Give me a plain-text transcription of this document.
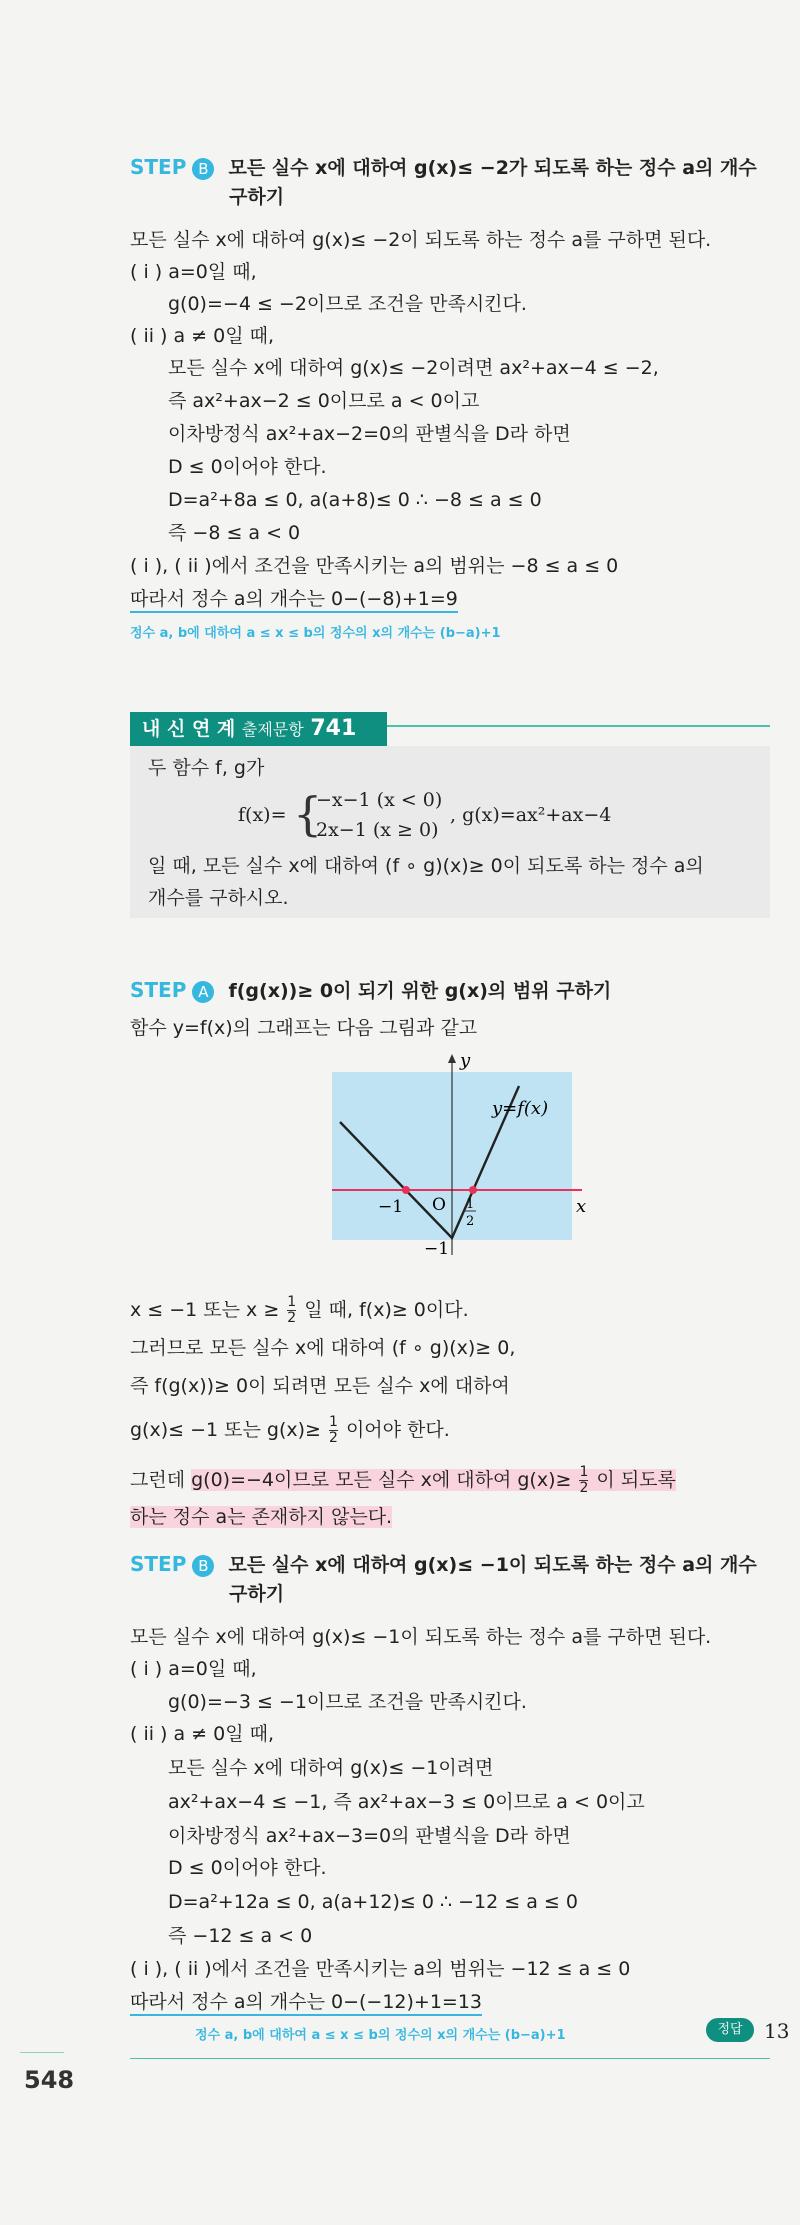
STEP B 모든 실수 x에 대하여 g(x)≤ −2가 되도록 하는 정수 a의 개수
구하기
모든 실수 x에 대하여 g(x)≤ −2이 되도록 하는 정수 a를 구하면 된다.
( i ) a=0일 때,
g(0)=−4 ≤ −2이므로 조건을 만족시킨다.
( ii ) a ≠ 0일 때,
모든 실수 x에 대하여 g(x)≤ −2이려면 ax²+ax−4 ≤ −2,
즉 ax²+ax−2 ≤ 0이므로 a < 0이고
이차방정식 ax²+ax−2=0의 판별식을 D라 하면
D ≤ 0이어야 한다.
D=a²+8a ≤ 0, a(a+8)≤ 0 ∴ −8 ≤ a ≤ 0
즉 −8 ≤ a < 0
( i ), ( ii )에서 조건을 만족시키는 a의 범위는 −8 ≤ a ≤ 0
따라서 정수 a의 개수는 0−(−8)+1=9
정수 a, b에 대하여 a ≤ x ≤ b의 정수의 x의 개수는 (b−a)+1
내 신 연 계 출제문항 741
두 함수 f, g가
f(x)= {
−x−1 (x < 0)
2x−1 (x ≥ 0)
, g(x)=ax²+ax−4
일 때, 모든 실수 x에 대하여 (f ∘ g)(x)≥ 0이 되도록 하는 정수 a의
개수를 구하시오.
STEP A f(g(x))≥ 0이 되기 위한 g(x)의 범위 구하기
함수 y=f(x)의 그래프는 다음 그림과 같고
y
x
y=f(x)
O
−1	1
2
−1
x ≤ −1 또는 $x \ge \frac{1}{2}$ 일 때, f(x)≥ 0이다.
그러므로 모든 실수 x에 대하여 (f ∘ g)(x)≥ 0,
즉 f(g(x))≥ 0이 되려면 모든 실수 x에 대하여
g(x)≤ −1 또는 $g(x)\ge \frac{1}{2}$ 이어야 한다.
그런데 g(0)=−4이므로 모든 실수 x에 대하여 $g(x)\ge \frac{1}{2}$ 이 되도록
하는 정수 a는 존재하지 않는다.
STEP B 모든 실수 x에 대하여 g(x)≤ −1이 되도록 하는 정수 a의 개수
구하기
모든 실수 x에 대하여 g(x)≤ −1이 되도록 하는 정수 a를 구하면 된다.
( i ) a=0일 때,
g(0)=−3 ≤ −1이므로 조건을 만족시킨다.
( ii ) a ≠ 0일 때,
모든 실수 x에 대하여 g(x)≤ −1이려면
ax²+ax−4 ≤ −1, 즉 ax²+ax−3 ≤ 0이므로 a < 0이고
이차방정식 ax²+ax−3=0의 판별식을 D라 하면
D ≤ 0이어야 한다.
D=a²+12a ≤ 0, a(a+12)≤ 0 ∴ −12 ≤ a ≤ 0
즉 −12 ≤ a < 0
( i ), ( ii )에서 조건을 만족시키는 a의 범위는 −12 ≤ a ≤ 0
따라서 정수 a의 개수는 0−(−12)+1=13
정수 a, b에 대하여 a ≤ x ≤ b의 정수의 x의 개수는 (b−a)+1	정답	13
548
